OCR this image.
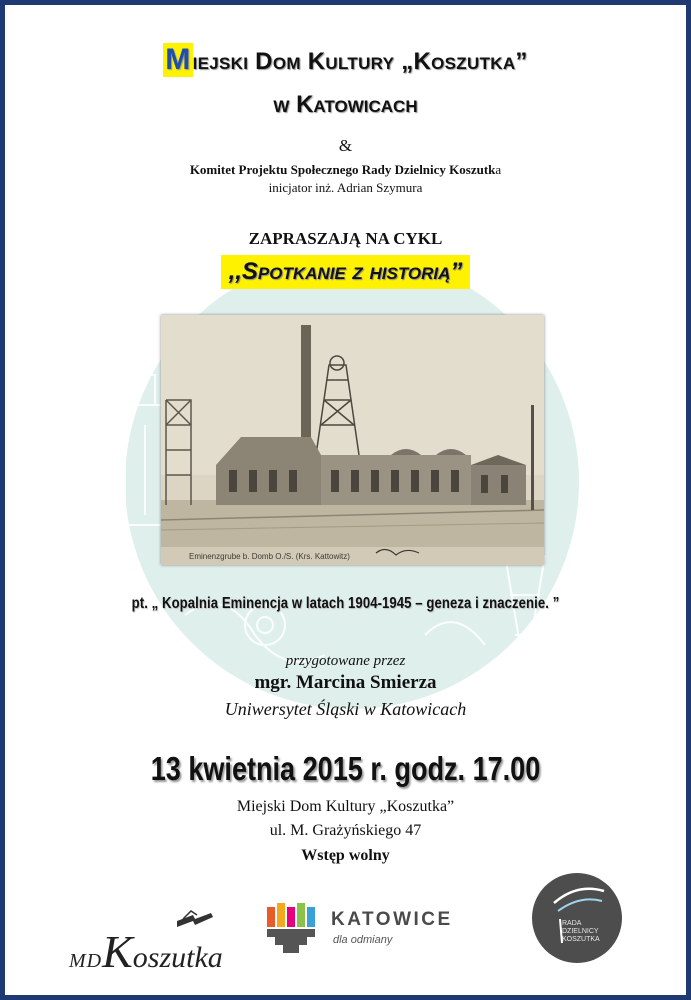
Miejski Dom Kultury „Koszutka”
w Katowicach
&
Komitet Projektu Społecznego Rady Dzielnicy Koszutka
inicjator inż. Adrian Szymura
ZAPRASZAJĄ NA CYKL
,,Spotkanie z historią”
Eminenzgrube b. Domb O./S. (Krs. Kattowitz)
pt. „ Kopalnia Eminencja w latach 1904-1945 – geneza i znaczenie. ”
przygotowane przez
mgr. Marcina Smierza
Uniwersytet Śląski w Katowicach
13 kwietnia 2015 r. godz. 17.00
Miejski Dom Kultury „Koszutka”
ul. M. Grażyńskiego 47
Wstęp wolny
MDKoszutka
KATOWICE
dla odmiany
RADA
DZIELNICY
KOSZUTKA
